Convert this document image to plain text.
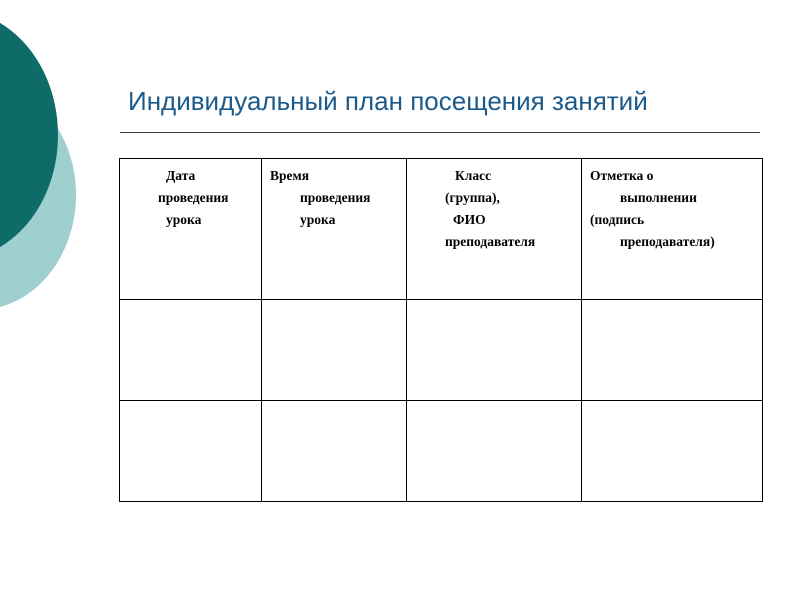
Индивидуальный план посещения занятий
Дата
проведения
урока	Время
проведения
урока	Класс
(группа),
ФИО
преподавателя	Отметка о
выполнении
(подпись
преподавателя)
